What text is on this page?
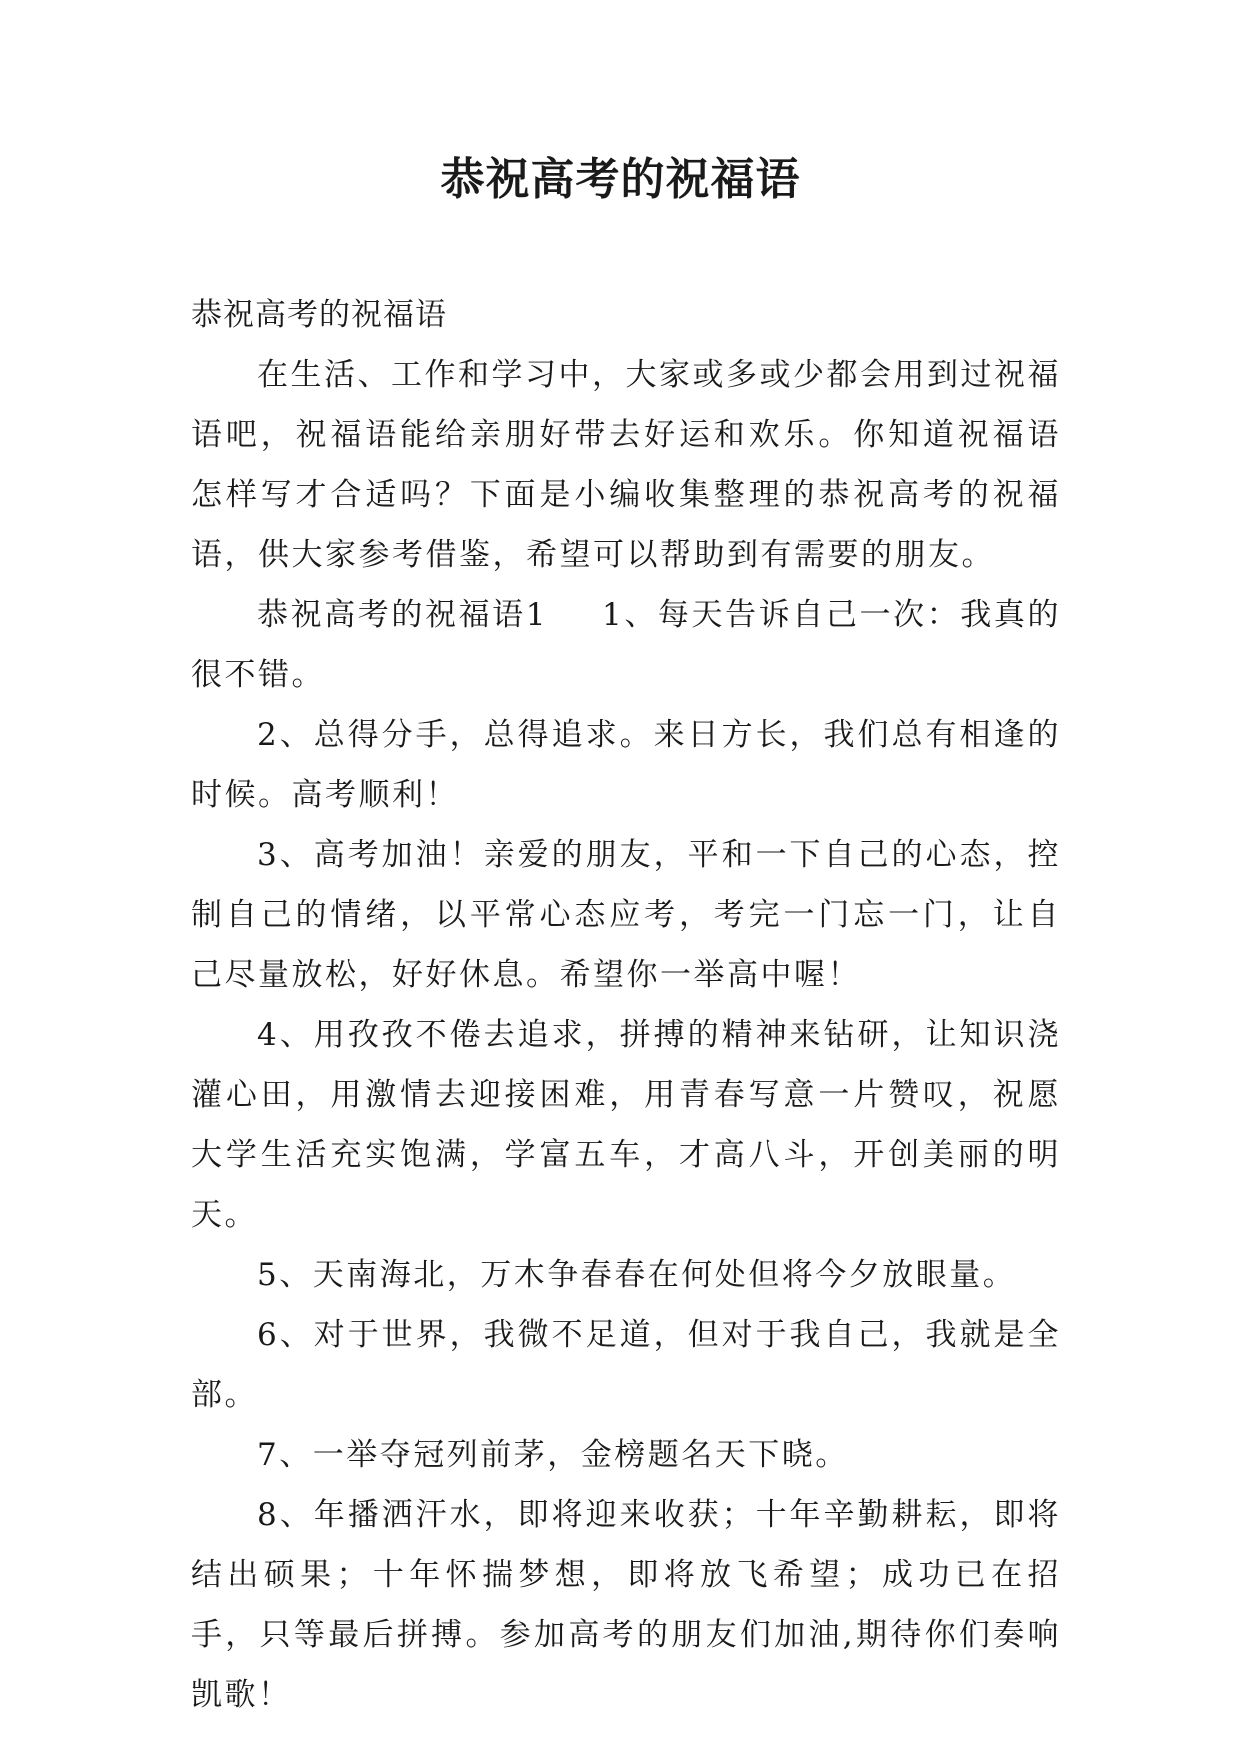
恭祝高考的祝福语

恭祝高考的祝福语

在生活、工作和学习中，大家或多或少都会用到过祝福语吧，祝福语能给亲朋好带去好运和欢乐。你知道祝福语怎样写才合适吗？下面是小编收集整理的恭祝高考的祝福语，供大家参考借鉴，希望可以帮助到有需要的朋友。

恭祝高考的祝福语1 1、每天告诉自己一次：我真的很不错。

2、总得分手，总得追求。来日方长，我们总有相逢的时候。高考顺利！

3、高考加油！亲爱的朋友，平和一下自己的心态，控制自己的情绪，以平常心态应考，考完一门忘一门，让自己尽量放松，好好休息。希望你一举高中喔！

4、用孜孜不倦去追求，拼搏的精神来钻研，让知识浇灌心田，用激情去迎接困难，用青春写意一片赞叹，祝愿大学生活充实饱满，学富五车，才高八斗，开创美丽的明天。

5、天南海北，万木争春春在何处但将今夕放眼量。

6、对于世界，我微不足道，但对于我自己，我就是全部。

7、一举夺冠列前茅，金榜题名天下晓。

8、年播洒汗水，即将迎来收获；十年辛勤耕耘，即将结出硕果；十年怀揣梦想，即将放飞希望；成功已在招手，只等最后拼搏。参加高考的朋友们加油,期待你们奏响凯歌！
